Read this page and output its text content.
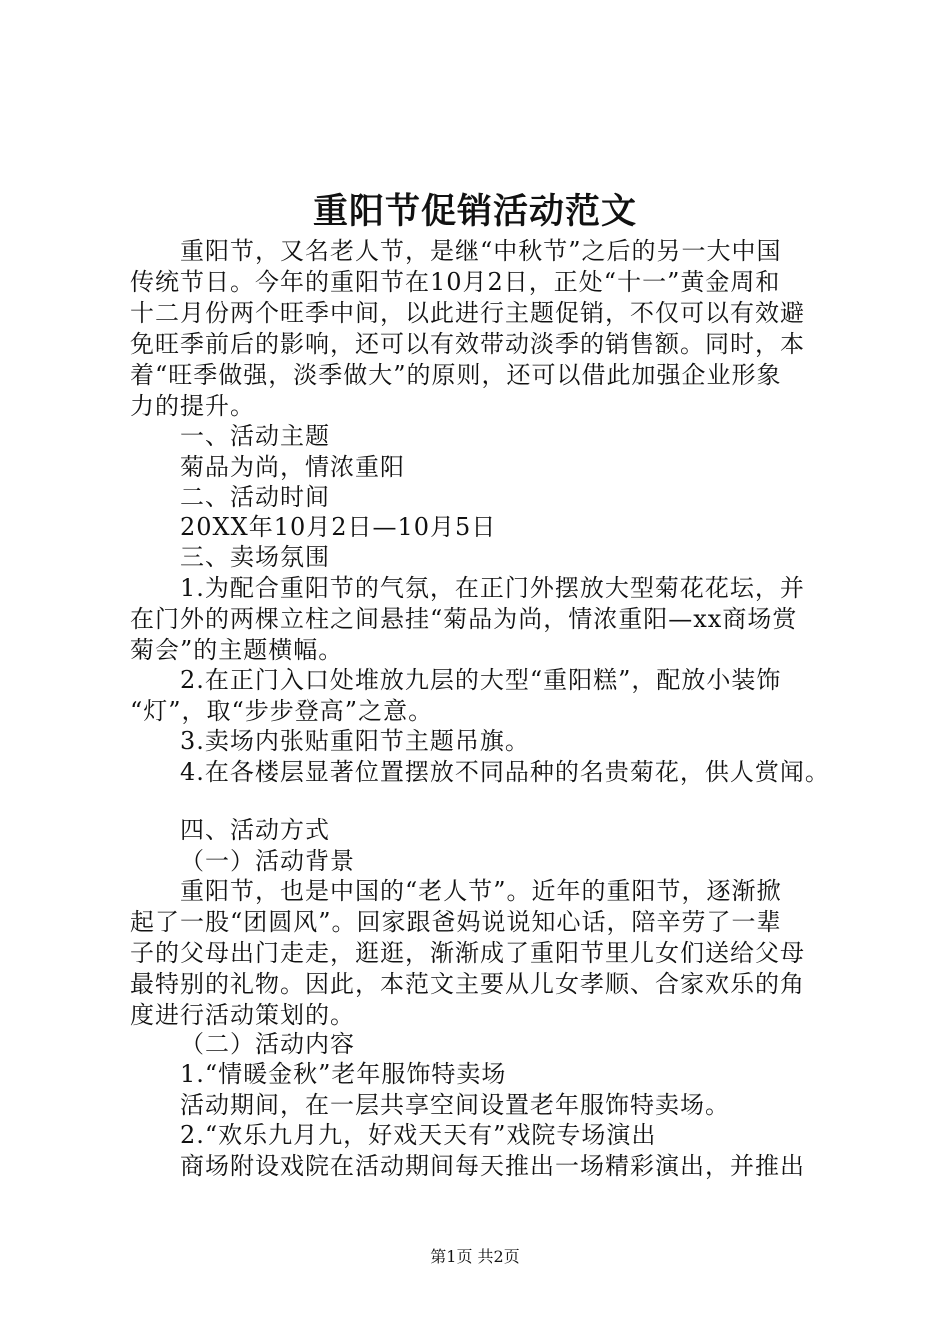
重阳节促销活动范文
重阳节，又名老人节，是继“中秋节”之后的另一大中国
传统节日。今年的重阳节在10月2日，正处“十一”黄金周和
十二月份两个旺季中间，以此进行主题促销，不仅可以有效避
免旺季前后的影响，还可以有效带动淡季的销售额。同时，本
着“旺季做强，淡季做大”的原则，还可以借此加强企业形象
力的提升。
一、活动主题
菊品为尚，情浓重阳
二、活动时间
20XX年10月2日—10月5日
三、卖场氛围
1.为配合重阳节的气氛，在正门外摆放大型菊花花坛，并
在门外的两棵立柱之间悬挂“菊品为尚，情浓重阳—xx商场赏
菊会”的主题横幅。
2.在正门入口处堆放九层的大型“重阳糕”，配放小装饰
“灯”，取“步步登高”之意。
3.卖场内张贴重阳节主题吊旗。
4.在各楼层显著位置摆放不同品种的名贵菊花，供人赏闻。
四、活动方式
（一）活动背景
重阳节，也是中国的“老人节”。近年的重阳节，逐渐掀
起了一股“团圆风”。回家跟爸妈说说知心话，陪辛劳了一辈
子的父母出门走走，逛逛，渐渐成了重阳节里儿女们送给父母
最特别的礼物。因此，本范文主要从儿女孝顺、合家欢乐的角
度进行活动策划的。
（二）活动内容
1.“情暖金秋”老年服饰特卖场
活动期间，在一层共享空间设置老年服饰特卖场。
2.“欢乐九月九，好戏天天有”戏院专场演出
商场附设戏院在活动期间每天推出一场精彩演出，并推出
第1页 共2页
